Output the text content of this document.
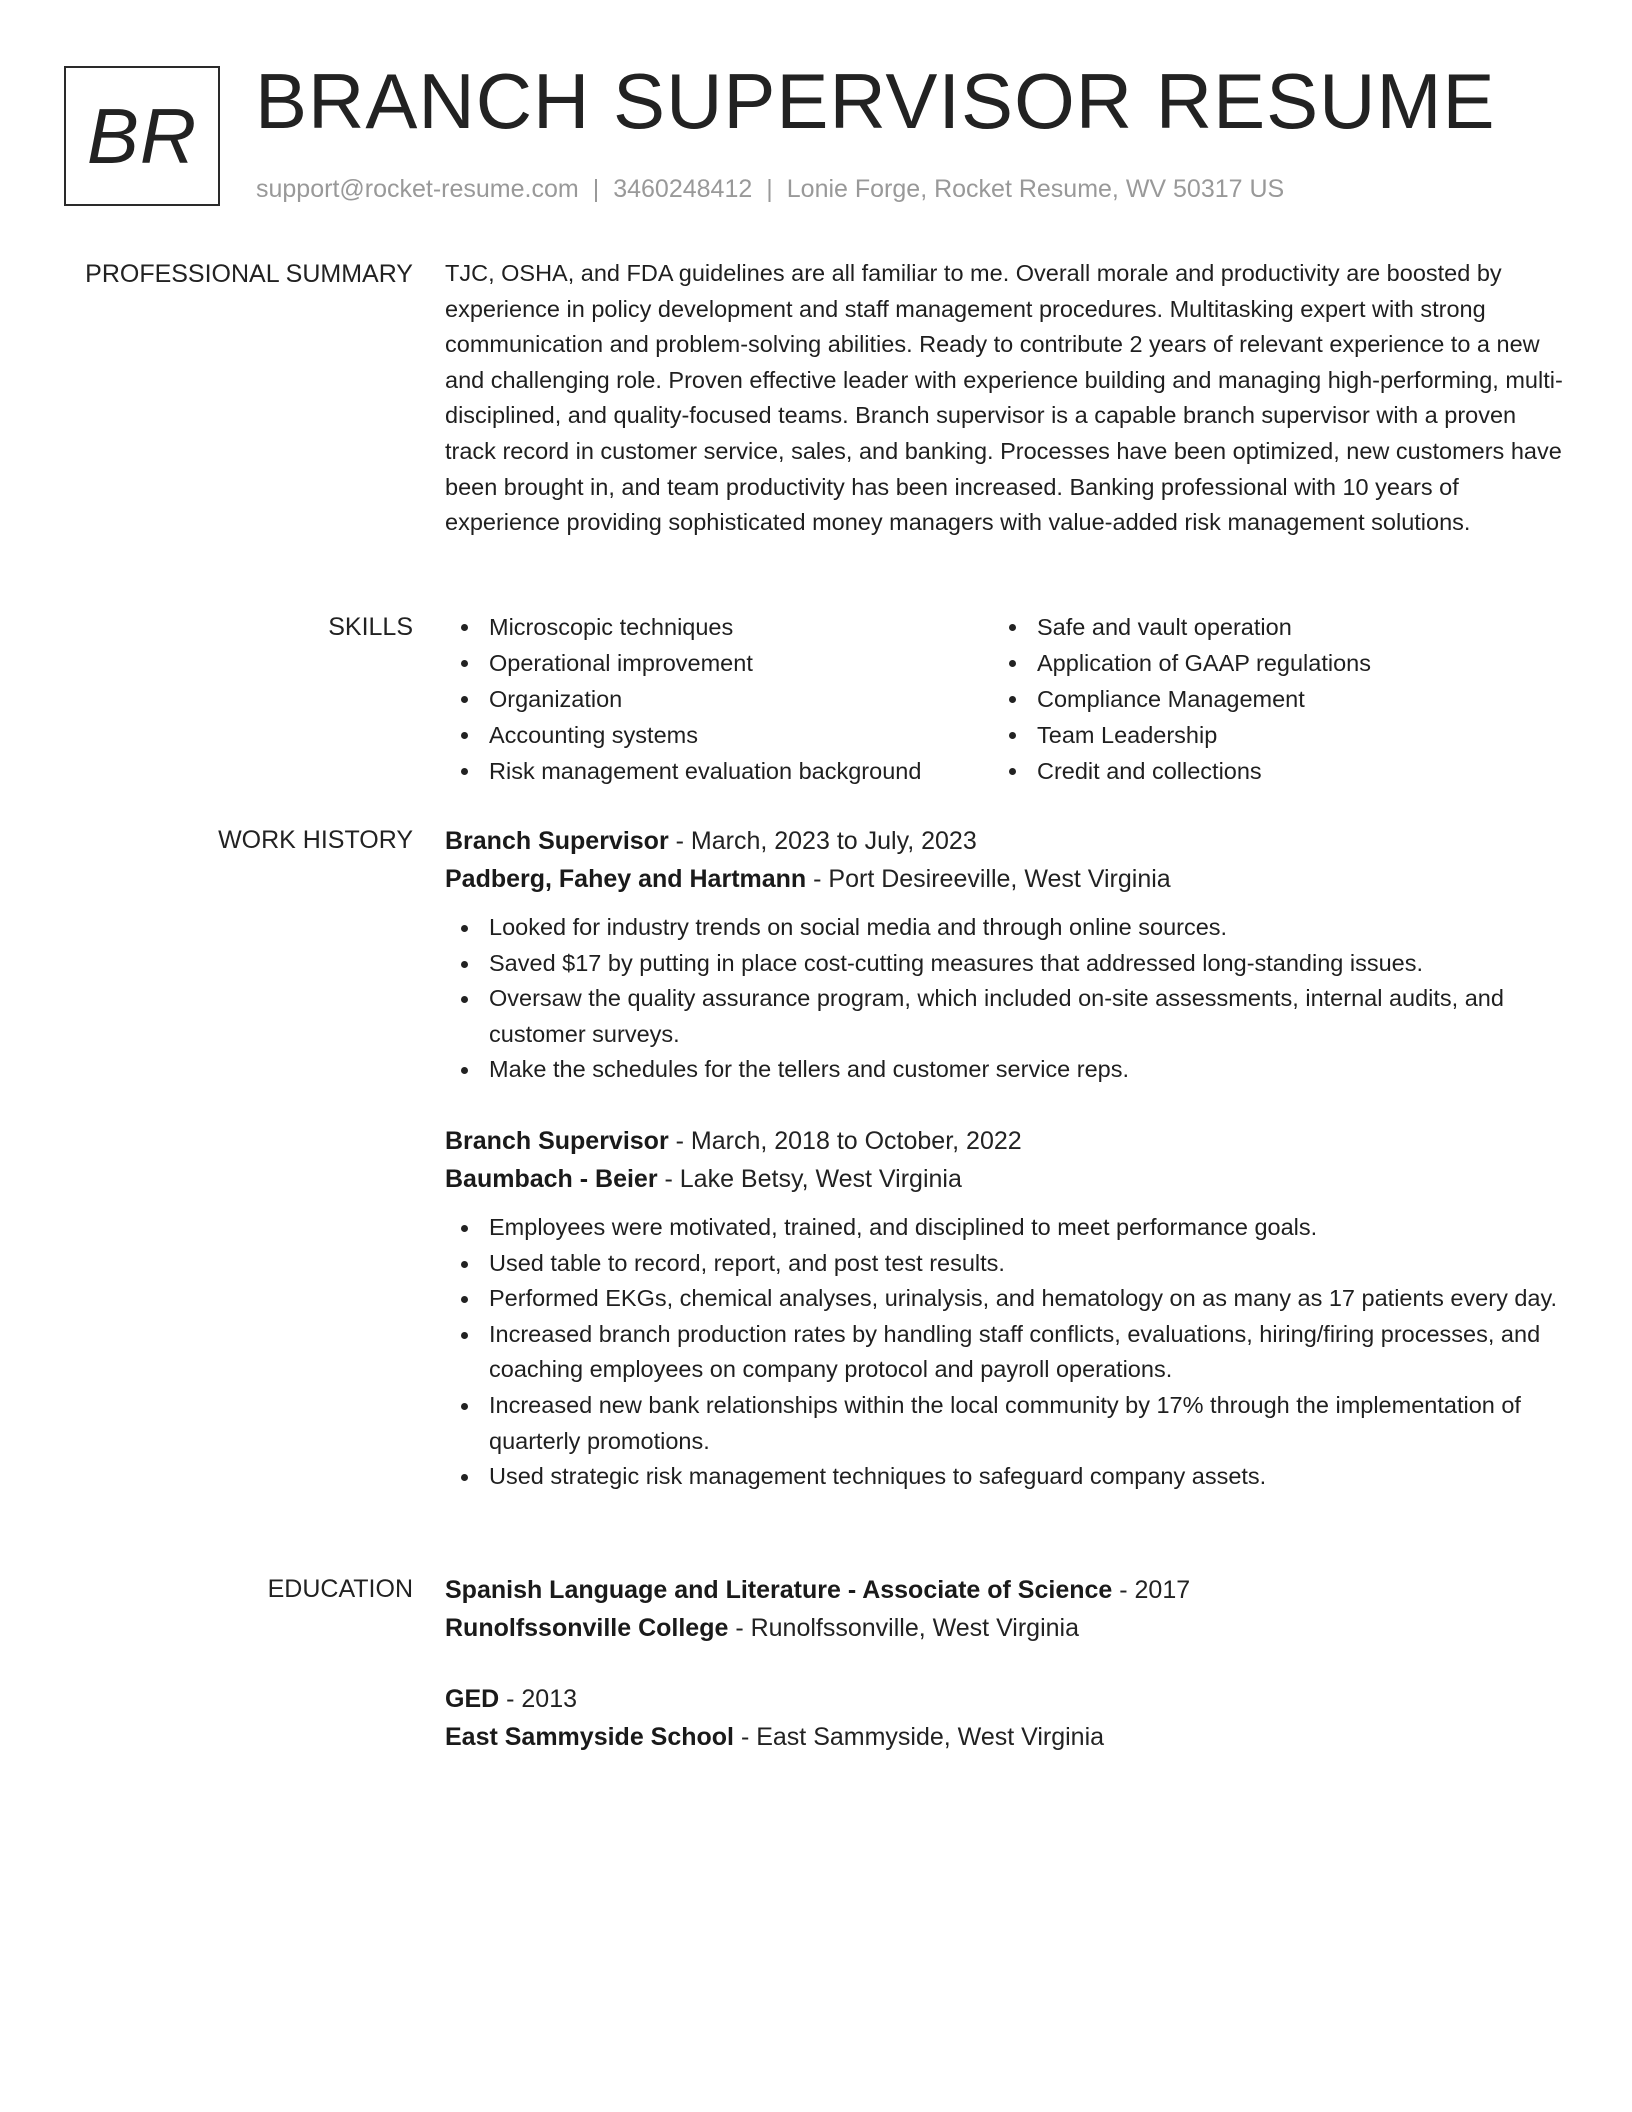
BR BRANCH SUPERVISOR RESUME
support@rocket-resume.com | 3460248412 | Lonie Forge, Rocket Resume, WV 50317 US
PROFESSIONAL SUMMARY TJC, OSHA, and FDA guidelines are all familiar to me. Overall morale and productivity are boosted by experience in policy development and staff management procedures. Multitasking expert with strong communication and problem-solving abilities. Ready to contribute 2 years of relevant experience to a new and challenging role. Proven effective leader with experience building and managing high-performing, multi-disciplined, and quality-focused teams. Branch supervisor is a capable branch supervisor with a proven track record in customer service, sales, and banking. Processes have been optimized, new customers have been brought in, and team productivity has been increased. Banking professional with 10 years of experience providing sophisticated money managers with value-added risk management solutions.

SKILLS	Microscopic techniques
Operational improvement
Organization
Accounting systems
Risk management evaluation background
Safe and vault operation
Application of GAAP regulations
Compliance Management
Team Leadership
Credit and collections
WORK HISTORY Branch Supervisor - March, 2023 to July, 2023
Padberg, Fahey and Hartmann - Port Desireeville, West Virginia
Looked for industry trends on social media and through online sources.
Saved $17 by putting in place cost-cutting measures that addressed long-standing issues.
Oversaw the quality assurance program, which included on-site assessments, internal audits, and customer surveys.
Make the schedules for the tellers and customer service reps.
Branch Supervisor - March, 2018 to October, 2022
Baumbach - Beier - Lake Betsy, West Virginia
Employees were motivated, trained, and disciplined to meet performance goals.
Used table to record, report, and post test results.
Performed EKGs, chemical analyses, urinalysis, and hematology on as many as 17 patients every day.
Increased branch production rates by handling staff conflicts, evaluations, hiring/firing processes, and coaching employees on company protocol and payroll operations.
Increased new bank relationships within the local community by 17% through the implementation of quarterly promotions.
Used strategic risk management techniques to safeguard company assets.
EDUCATION Spanish Language and Literature - Associate of Science - 2017
Runolfssonville College - Runolfssonville, West Virginia
GED - 2013
East Sammyside School - East Sammyside, West Virginia
